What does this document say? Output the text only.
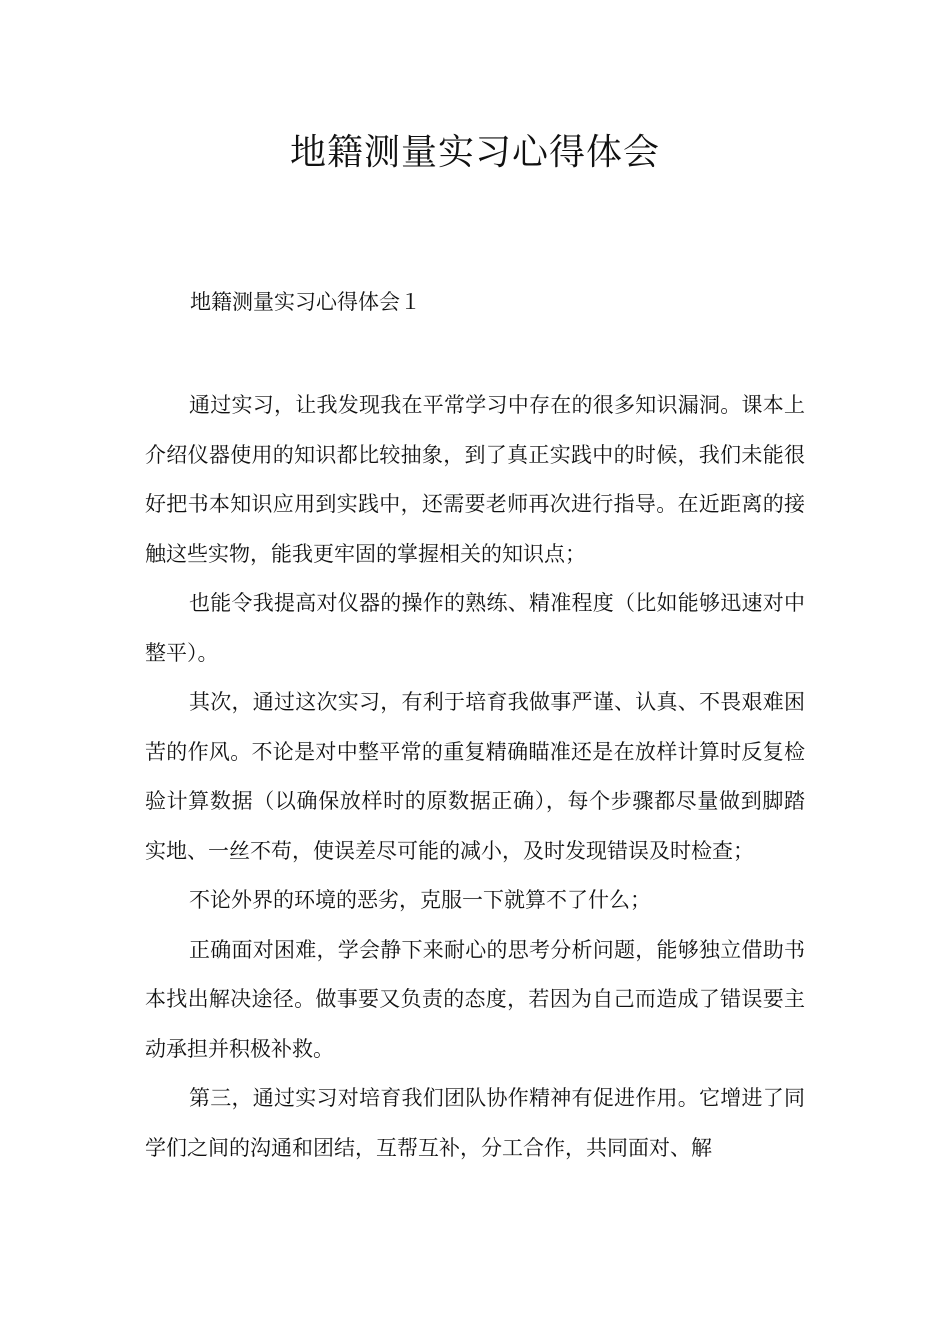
地籍测量实习心得体会
地籍测量实习心得体会１

通过实习，让我发现我在平常学习中存在的很多知识漏洞。课本上介绍仪器使用的知识都比较抽象，到了真正实践中的时候，我们未能很好把书本知识应用到实践中，还需要老师再次进行指导。在近距离的接触这些实物，能我更牢固的掌握相关的知识点；

也能令我提高对仪器的操作的熟练、精准程度（比如能够迅速对中整平）。

其次，通过这次实习，有利于培育我做事严谨、认真、不畏艰难困苦的作风。不论是对中整平常的重复精确瞄准还是在放样计算时反复检验计算数据（以确保放样时的原数据正确），每个步骤都尽量做到脚踏实地、一丝不苟，使误差尽可能的减小，及时发现错误及时检查；

不论外界的环境的恶劣，克服一下就算不了什么；

正确面对困难，学会静下来耐心的思考分析问题，能够独立借助书本找出解决途径。做事要又负责的态度，若因为自己而造成了错误要主动承担并积极补救。

第三，通过实习对培育我们团队协作精神有促进作用。它增进了同学们之间的沟通和团结，互帮互补，分工合作，共同面对、解
